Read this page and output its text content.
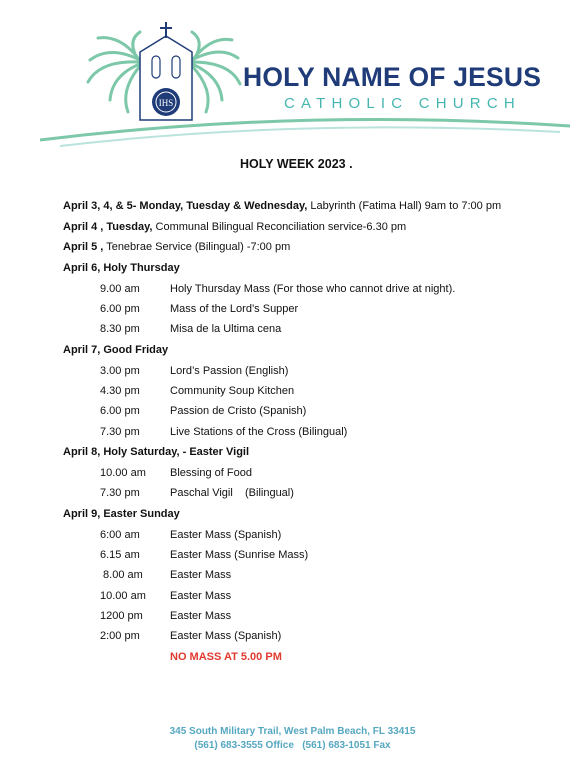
IHS
HOLY NAME OF JESUS
CATHOLIC CHURCH
HOLY WEEK 2023 .
April 3, 4, & 5- Monday, Tuesday & Wednesday, Labyrinth (Fatima Hall) 9am to 7:00 pm
April 4 , Tuesday, Communal Bilingual Reconciliation service-6.30 pm
April 5 , Tenebrae Service (Bilingual) -7:00 pm
April 6, Holy Thursday
9.00 am	Holy Thursday Mass (For those who cannot drive at night).
6.00 pm	Mass of the Lord’s Supper
8.30 pm	Misa de la Ultima cena
April 7, Good Friday
3.00 pm	Lord’s Passion (English)
4.30 pm	Community Soup Kitchen
6.00 pm	Passion de Cristo (Spanish)
7.30 pm	Live Stations of the Cross (Bilingual)
April 8, Holy Saturday, - Easter Vigil
10.00 am Blessing of Food
7.30 pm	Paschal Vigil    (Bilingual)
April 9, Easter Sunday
6:00 am	Easter Mass (Spanish)
6.15 am	Easter Mass (Sunrise Mass)
8.00 am Easter Mass
10.00 am Easter Mass
1200 pm Easter Mass
2:00 pm	Easter Mass (Spanish)
NO MASS AT 5.00 PM
345 South Military Trail, West Palm Beach, FL 33415
(561) 683-3555 Office   (561) 683-1051 Fax
